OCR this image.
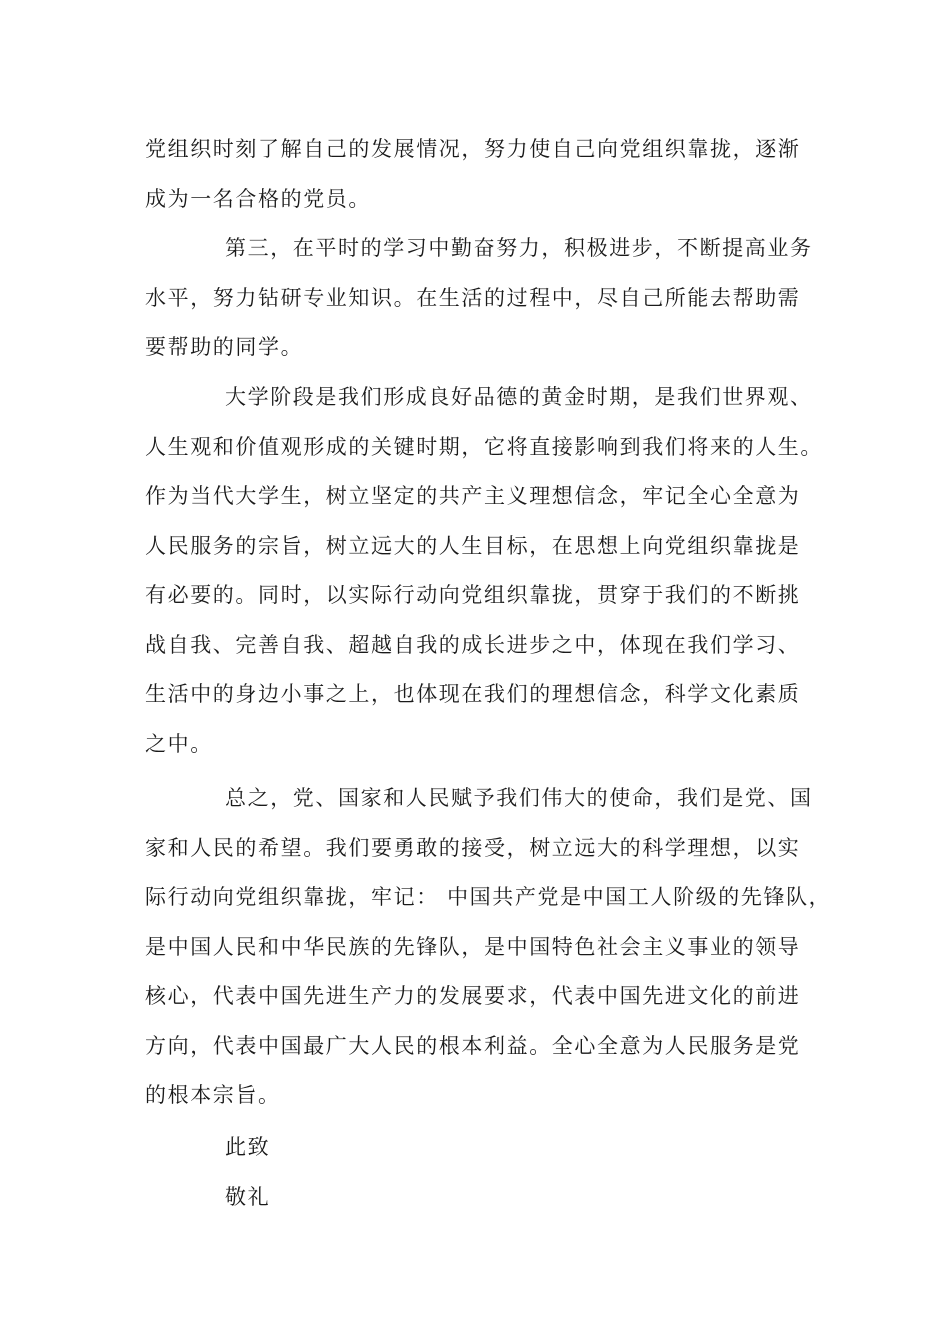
党组织时刻了解自己的发展情况，努力使自己向党组织靠拢，逐渐
成为一名合格的党员。
第三，在平时的学习中勤奋努力，积极进步，不断提高业务
水平，努力钻研专业知识。在生活的过程中，尽自己所能去帮助需
要帮助的同学。
大学阶段是我们形成良好品德的黄金时期，是我们世界观、
人生观和价值观形成的关键时期，它将直接影响到我们将来的人生。
作为当代大学生，树立坚定的共产主义理想信念，牢记全心全意为
人民服务的宗旨，树立远大的人生目标，在思想上向党组织靠拢是
有必要的。同时，以实际行动向党组织靠拢，贯穿于我们的不断挑
战自我、完善自我、超越自我的成长进步之中，体现在我们学习、
生活中的身边小事之上，也体现在我们的理想信念，科学文化素质
之中。
总之，党、国家和人民赋予我们伟大的使命，我们是党、国
家和人民的希望。我们要勇敢的接受，树立远大的科学理想，以实
际行动向党组织靠拢，牢记： 中国共产党是中国工人阶级的先锋队，
是中国人民和中华民族的先锋队，是中国特色社会主义事业的领导
核心，代表中国先进生产力的发展要求，代表中国先进文化的前进
方向，代表中国最广大人民的根本利益。全心全意为人民服务是党
的根本宗旨。
此致
敬礼
